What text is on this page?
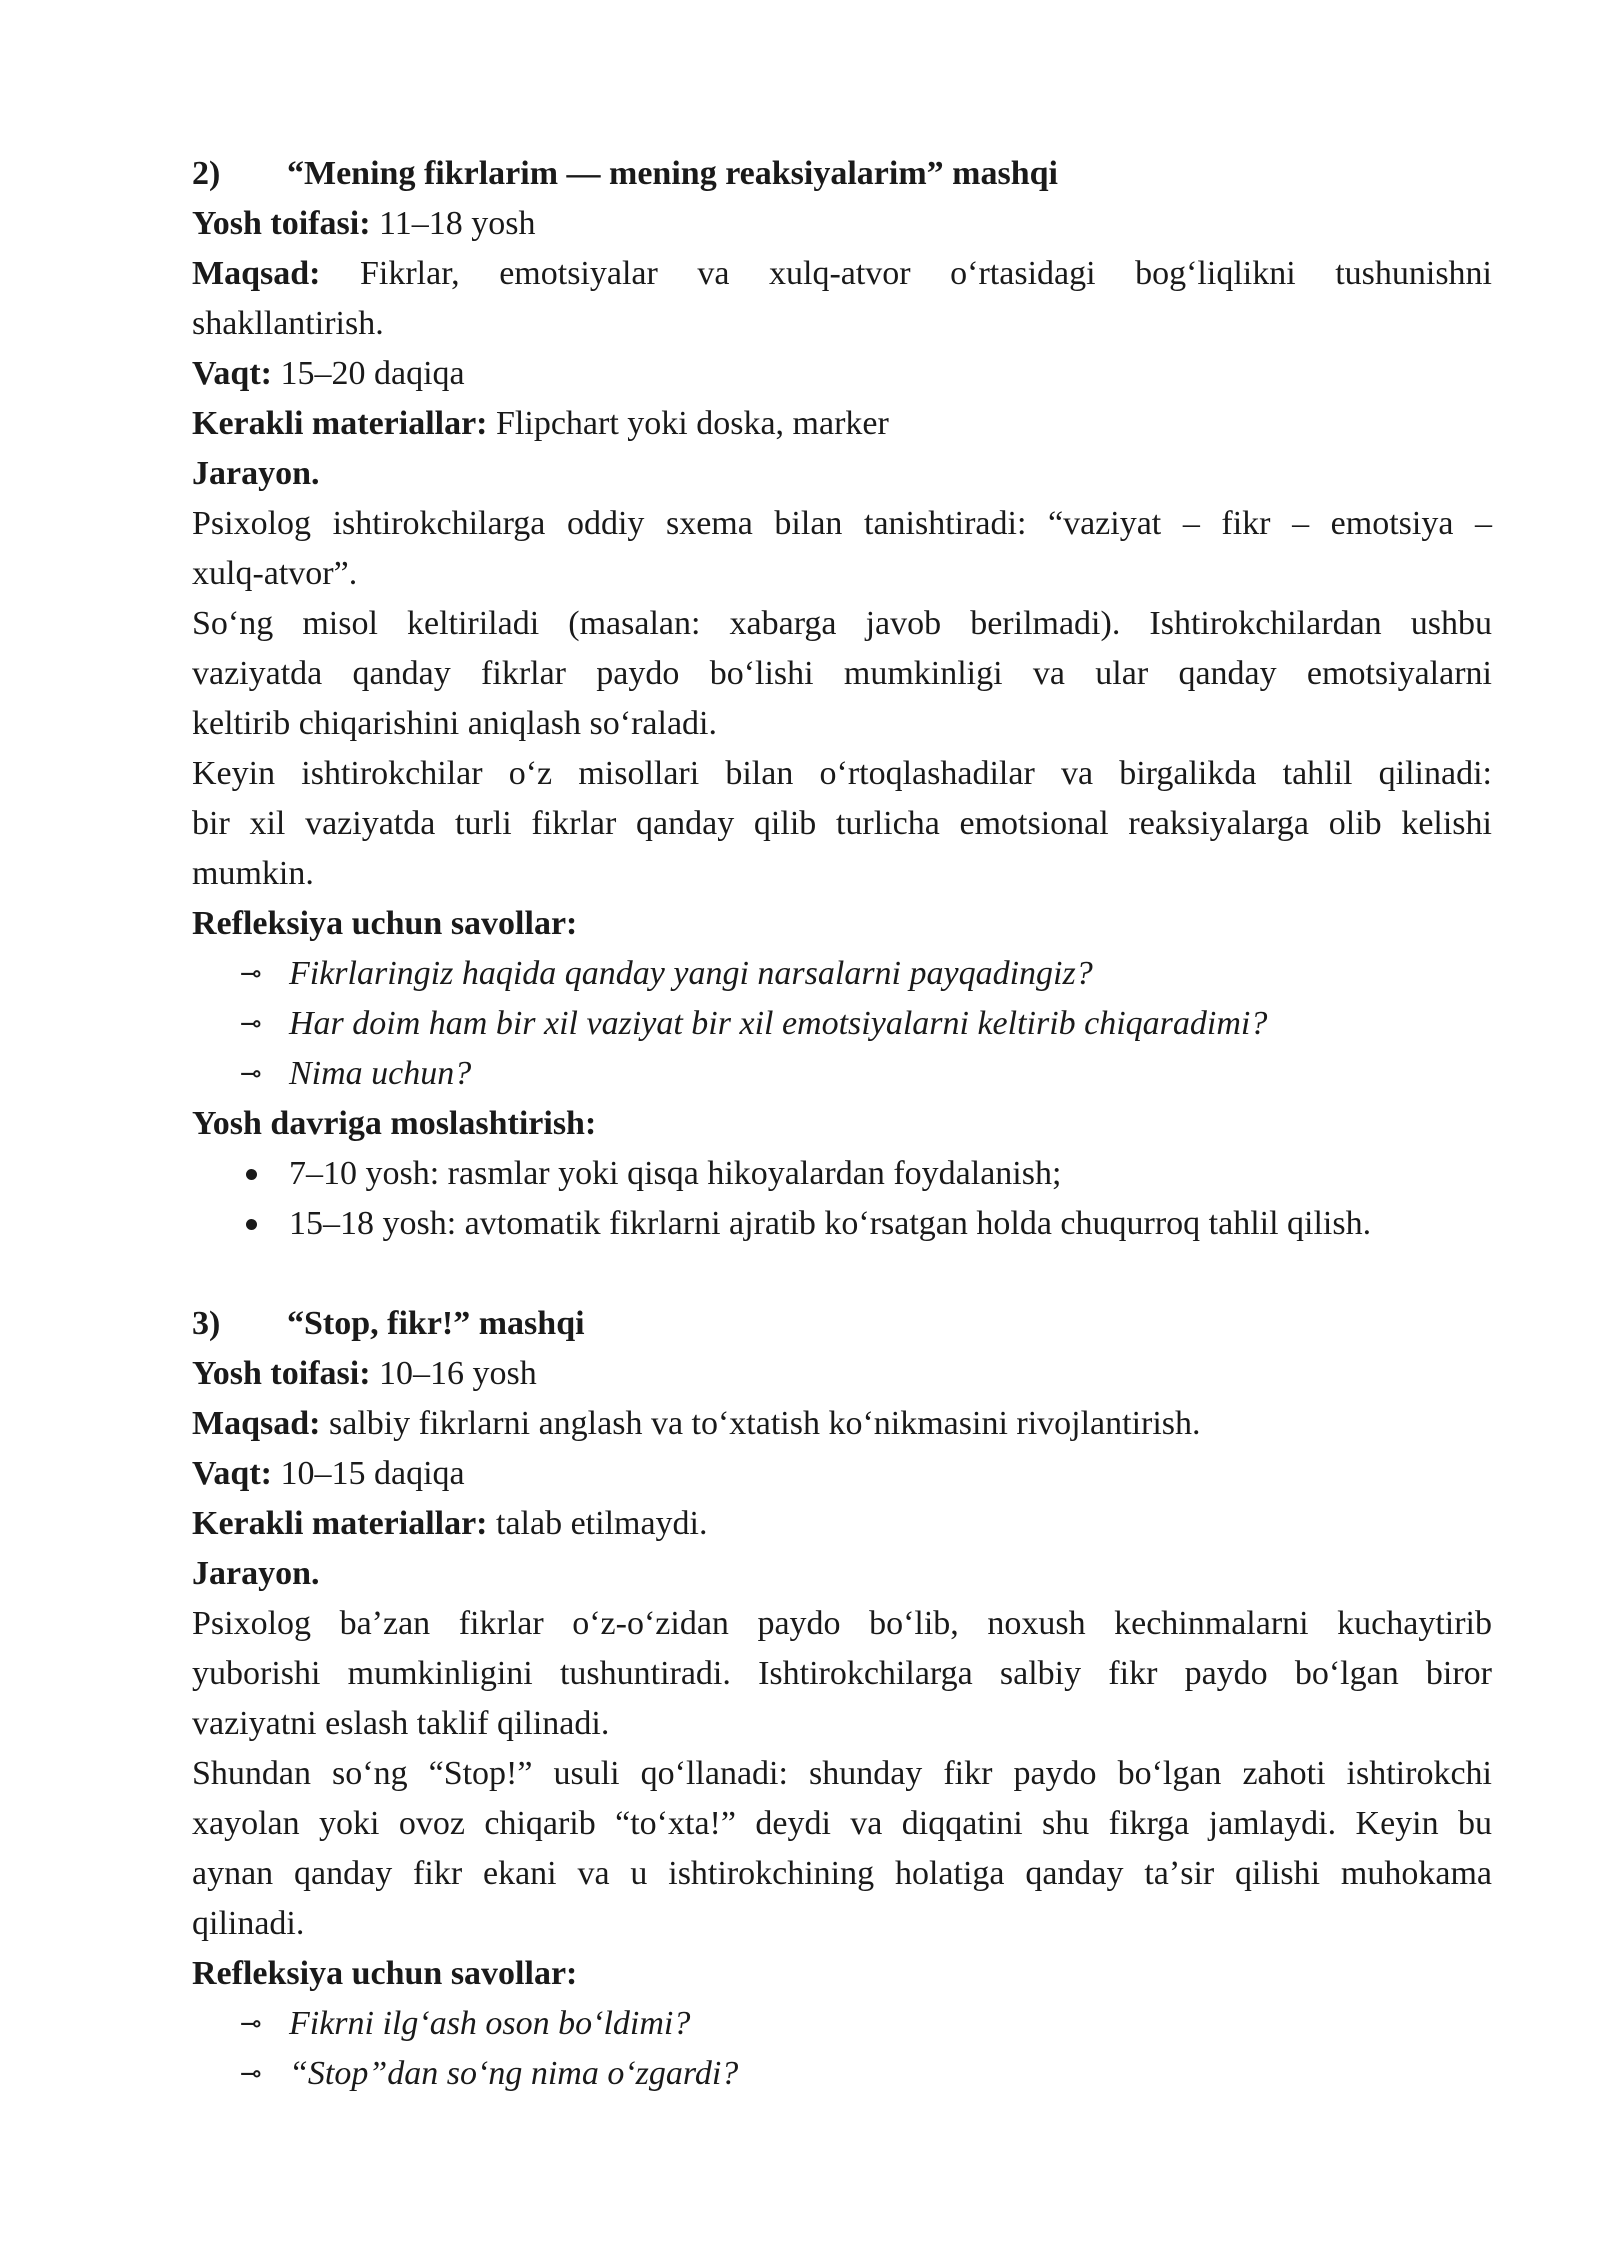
2)	“Mening fikrlarim — mening reaksiyalarim” mashqi

Yosh toifasi: 11–18 yosh

Maqsad: Fikrlar, emotsiyalar va xulq-atvor oʻrtasidagi bogʻliqlikni tushunishni

shakllantirish.

Vaqt: 15–20 daqiqa

Kerakli materiallar: Flipchart yoki doska, marker

Jarayon.

Psixolog ishtirokchilarga oddiy sxema bilan tanishtiradi: “vaziyat – fikr – emotsiya –

xulq-atvor”.

Soʻng misol keltiriladi (masalan: xabarga javob berilmadi). Ishtirokchilardan ushbu

vaziyatda qanday fikrlar paydo boʻlishi mumkinligi va ular qanday emotsiyalarni

keltirib chiqarishini aniqlash soʻraladi.

Keyin ishtirokchilar oʻz misollari bilan oʻrtoqlashadilar va birgalikda tahlil qilinadi:

bir xil vaziyatda turli fikrlar qanday qilib turlicha emotsional reaksiyalarga olib kelishi

mumkin.

Refleksiya uchun savollar:

⊸ Fikrlaringiz haqida qanday yangi narsalarni payqadingiz?
⊸ Har doim ham bir xil vaziyat bir xil emotsiyalarni keltirib chiqaradimi?
⊸ Nima uchun?

Yosh davriga moslashtirish:

7–10 yosh: rasmlar yoki qisqa hikoyalardan foydalanish;
15–18 yosh: avtomatik fikrlarni ajratib koʻrsatgan holda chuqurroq tahlil qilish.

3)	“Stop, fikr!” mashqi

Yosh toifasi: 10–16 yosh

Maqsad: salbiy fikrlarni anglash va toʻxtatish koʻnikmasini rivojlantirish.

Vaqt: 10–15 daqiqa

Kerakli materiallar: talab etilmaydi.

Jarayon.

Psixolog baʼzan fikrlar oʻz-oʻzidan paydo boʻlib, noxush kechinmalarni kuchaytirib

yuborishi mumkinligini tushuntiradi. Ishtirokchilarga salbiy fikr paydo boʻlgan biror

vaziyatni eslash taklif qilinadi.

Shundan soʻng “Stop!” usuli qoʻllanadi: shunday fikr paydo boʻlgan zahoti ishtirokchi

xayolan yoki ovoz chiqarib “toʻxta!” deydi va diqqatini shu fikrga jamlaydi. Keyin bu

aynan qanday fikr ekani va u ishtirokchining holatiga qanday taʼsir qilishi muhokama

qilinadi.

Refleksiya uchun savollar:

⊸ Fikrni ilgʻash oson boʻldimi?
⊸ “Stop”dan soʻng nima oʻzgardi?
